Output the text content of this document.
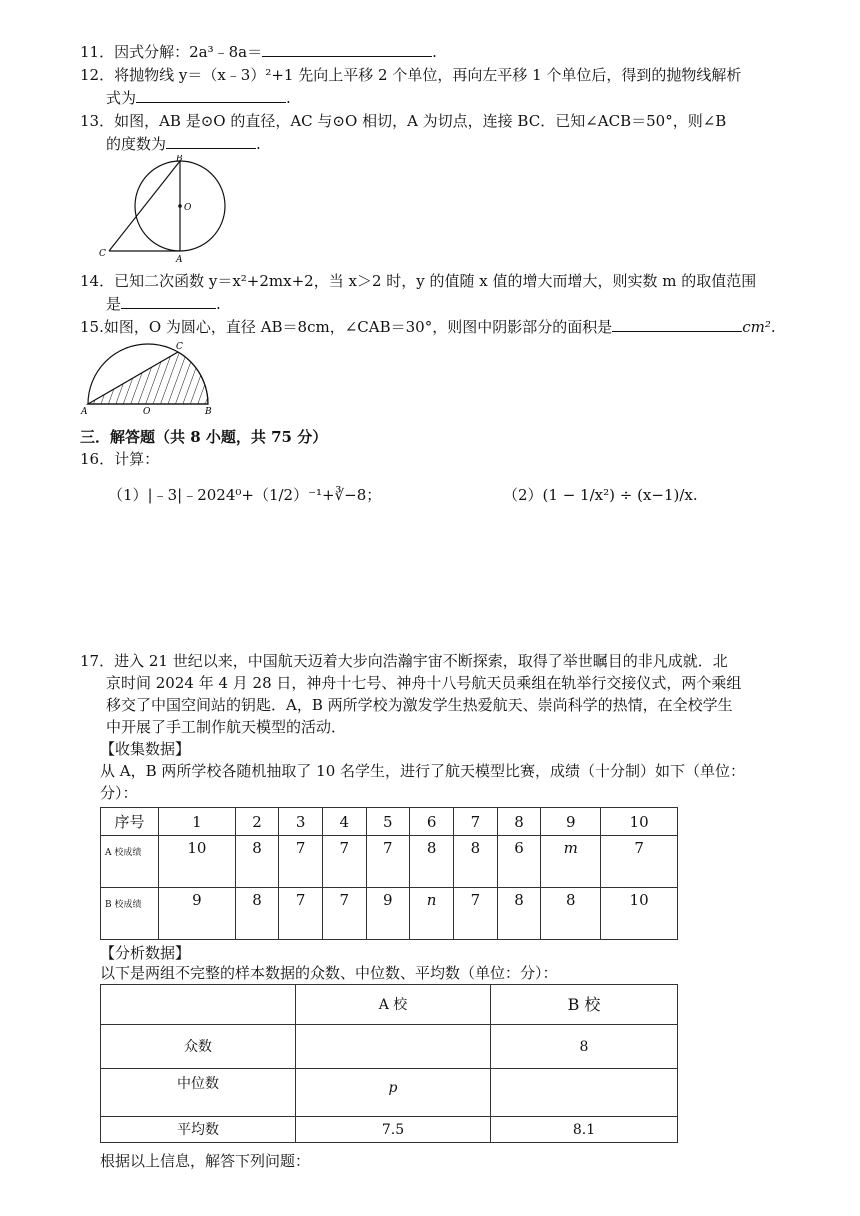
11．因式分解：2a³﹣8a＝	.
12．将抛物线 y＝（x﹣3）²+1 先向上平移 2 个单位，再向左平移 1 个单位后，得到的抛物线解析
式为	.
13．如图，AB 是⊙O 的直径，AC 与⊙O 相切，A 为切点，连接 BC．已知∠ACB＝50°，则∠B
的度数为	.
B
O
C
A
14．已知二次函数 y＝x²+2mx+2，当 x＞2 时，y 的值随 x 值的增大而增大，则实数 m 的取值范围
是	.
15.如图，O 为圆心，直径 AB＝8cm，∠CAB＝30°，则图中阴影部分的面积是	cm².
A	O	B
C
三．解答题（共 8 小题，共 75 分）
16．计算：
（1）|﹣3|﹣2024⁰+（1/2）⁻¹+∛−8；	（2）(1 − 1/x²) ÷ (x−1)/x.
17．进入 21 世纪以来，中国航天迈着大步向浩瀚宇宙不断探索，取得了举世瞩目的非凡成就．北
京时间 2024 年 4 月 28 日，神舟十七号、神舟十八号航天员乘组在轨举行交接仪式，两个乘组
移交了中国空间站的钥匙．A，B 两所学校为激发学生热爱航天、崇尚科学的热情，在全校学生
中开展了手工制作航天模型的活动．
【收集数据】
从 A，B 两所学校各随机抽取了 10 名学生，进行了航天模型比赛，成绩（十分制）如下（单位：
分）：
序号	1	2	3	4	5	6	7	8	9	10
A 校成绩	10	8	7	7	7	8	8	6	m	7
B 校成绩	9	8	7	7	9	n	7	8	8	10
【分析数据】
以下是两组不完整的样本数据的众数、中位数、平均数（单位：分）：
	A 校	B 校
众数		8
中位数	p	
平均数	7.5	8.1
根据以上信息，解答下列问题：
